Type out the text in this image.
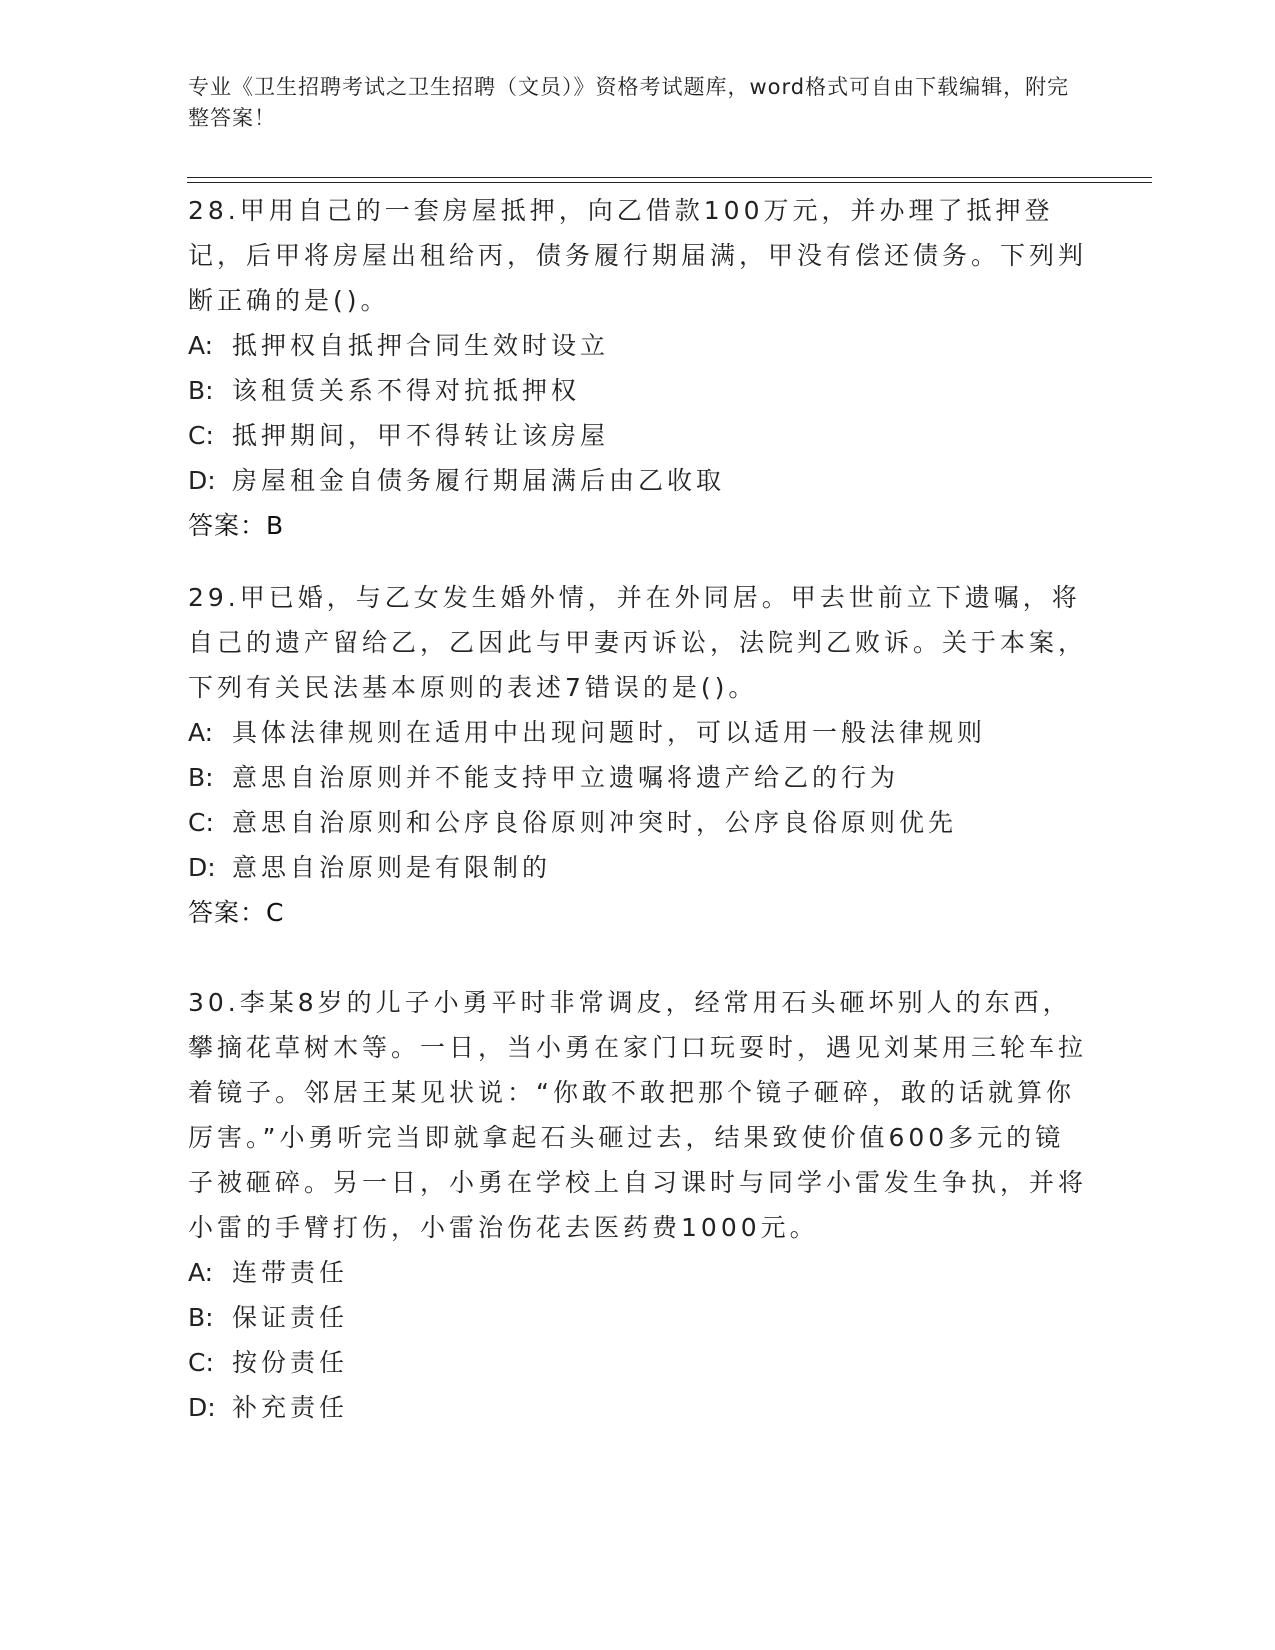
专业《卫生招聘考试之卫生招聘（文员）》资格考试题库，word格式可自由下载编辑，附完整答案！

28.甲用自己的一套房屋抵押，向乙借款100万元，并办理了抵押登记，后甲将房屋出租给丙，债务履行期届满，甲没有偿还债务。下列判断正确的是()。

A: 抵押权自抵押合同生效时设立

B: 该租赁关系不得对抗抵押权

C: 抵押期间，甲不得转让该房屋

D: 房屋租金自债务履行期届满后由乙收取

答案：B

29.甲已婚，与乙女发生婚外情，并在外同居。甲去世前立下遗嘱，将自己的遗产留给乙，乙因此与甲妻丙诉讼，法院判乙败诉。关于本案，下列有关民法基本原则的表述7错误的是()。

A: 具体法律规则在适用中出现问题时，可以适用一般法律规则

B: 意思自治原则并不能支持甲立遗嘱将遗产给乙的行为

C: 意思自治原则和公序良俗原则冲突时，公序良俗原则优先

D: 意思自治原则是有限制的

答案：C

30.李某8岁的儿子小勇平时非常调皮，经常用石头砸坏别人的东西，攀摘花草树木等。一日，当小勇在家门口玩耍时，遇见刘某用三轮车拉着镜子。邻居王某见状说：“你敢不敢把那个镜子砸碎，敢的话就算你厉害。”小勇听完当即就拿起石头砸过去，结果致使价值600多元的镜子被砸碎。另一日，小勇在学校上自习课时与同学小雷发生争执，并将小雷的手臂打伤，小雷治伤花去医药费1000元。

A: 连带责任

B: 保证责任

C: 按份责任

D: 补充责任
